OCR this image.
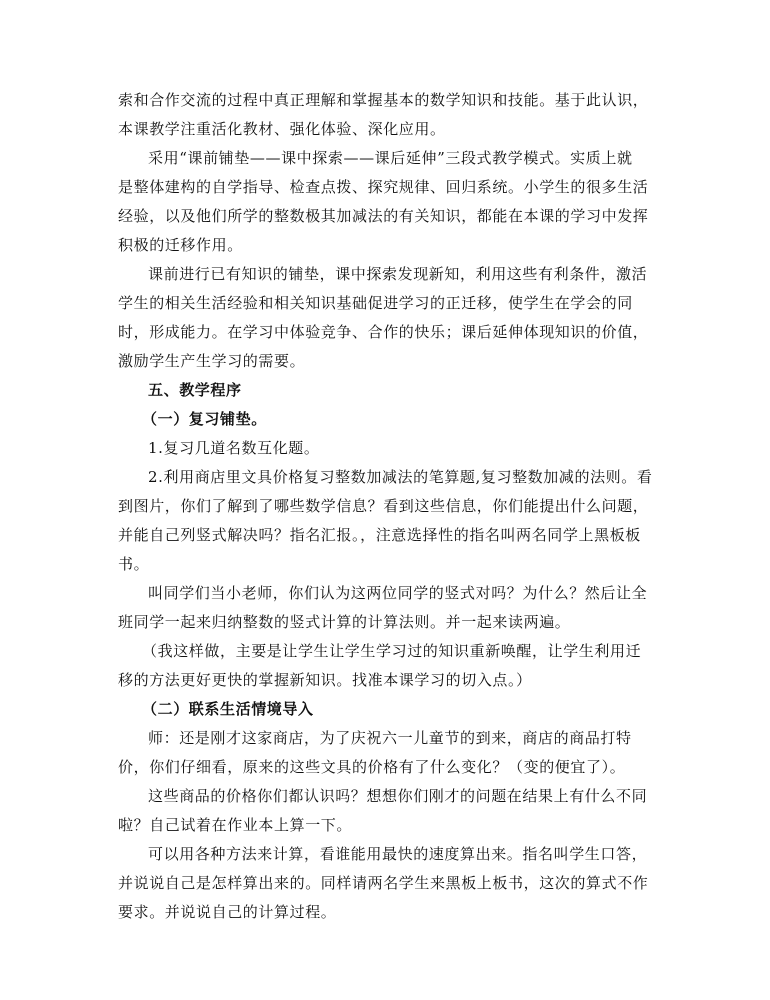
索和合作交流的过程中真正理解和掌握基本的数学知识和技能。基于此认识，
本课教学注重活化教材、强化体验、深化应用。
采用“课前铺垫——课中探索——课后延伸”三段式教学模式。实质上就
是整体建构的自学指导、检查点拨、探究规律、回归系统。小学生的很多生活
经验，以及他们所学的整数极其加减法的有关知识，都能在本课的学习中发挥
积极的迁移作用。
课前进行已有知识的铺垫，课中探索发现新知，利用这些有利条件，激活
学生的相关生活经验和相关知识基础促进学习的正迁移，使学生在学会的同
时，形成能力。在学习中体验竞争、合作的快乐；课后延伸体现知识的价值，
激励学生产生学习的需要。
五、教学程序
（一）复习铺垫。
1.复习几道名数互化题。
2.利用商店里文具价格复习整数加减法的笔算题,复习整数加减的法则。看
到图片，你们了解到了哪些数学信息？看到这些信息，你们能提出什么问题，
并能自己列竖式解决吗？指名汇报。，注意选择性的指名叫两名同学上黑板板
书。
叫同学们当小老师，你们认为这两位同学的竖式对吗？为什么？然后让全
班同学一起来归纳整数的竖式计算的计算法则。并一起来读两遍。
（我这样做，主要是让学生让学生学习过的知识重新唤醒，让学生利用迁
移的方法更好更快的掌握新知识。找准本课学习的切入点。）
（二）联系生活情境导入
师：还是刚才这家商店，为了庆祝六一儿童节的到来，商店的商品打特
价，你们仔细看，原来的这些文具的价格有了什么变化？（变的便宜了）。
这些商品的价格你们都认识吗？想想你们刚才的问题在结果上有什么不同
啦？自己试着在作业本上算一下。
可以用各种方法来计算，看谁能用最快的速度算出来。指名叫学生口答，
并说说自己是怎样算出来的。同样请两名学生来黑板上板书，这次的算式不作
要求。并说说自己的计算过程。
